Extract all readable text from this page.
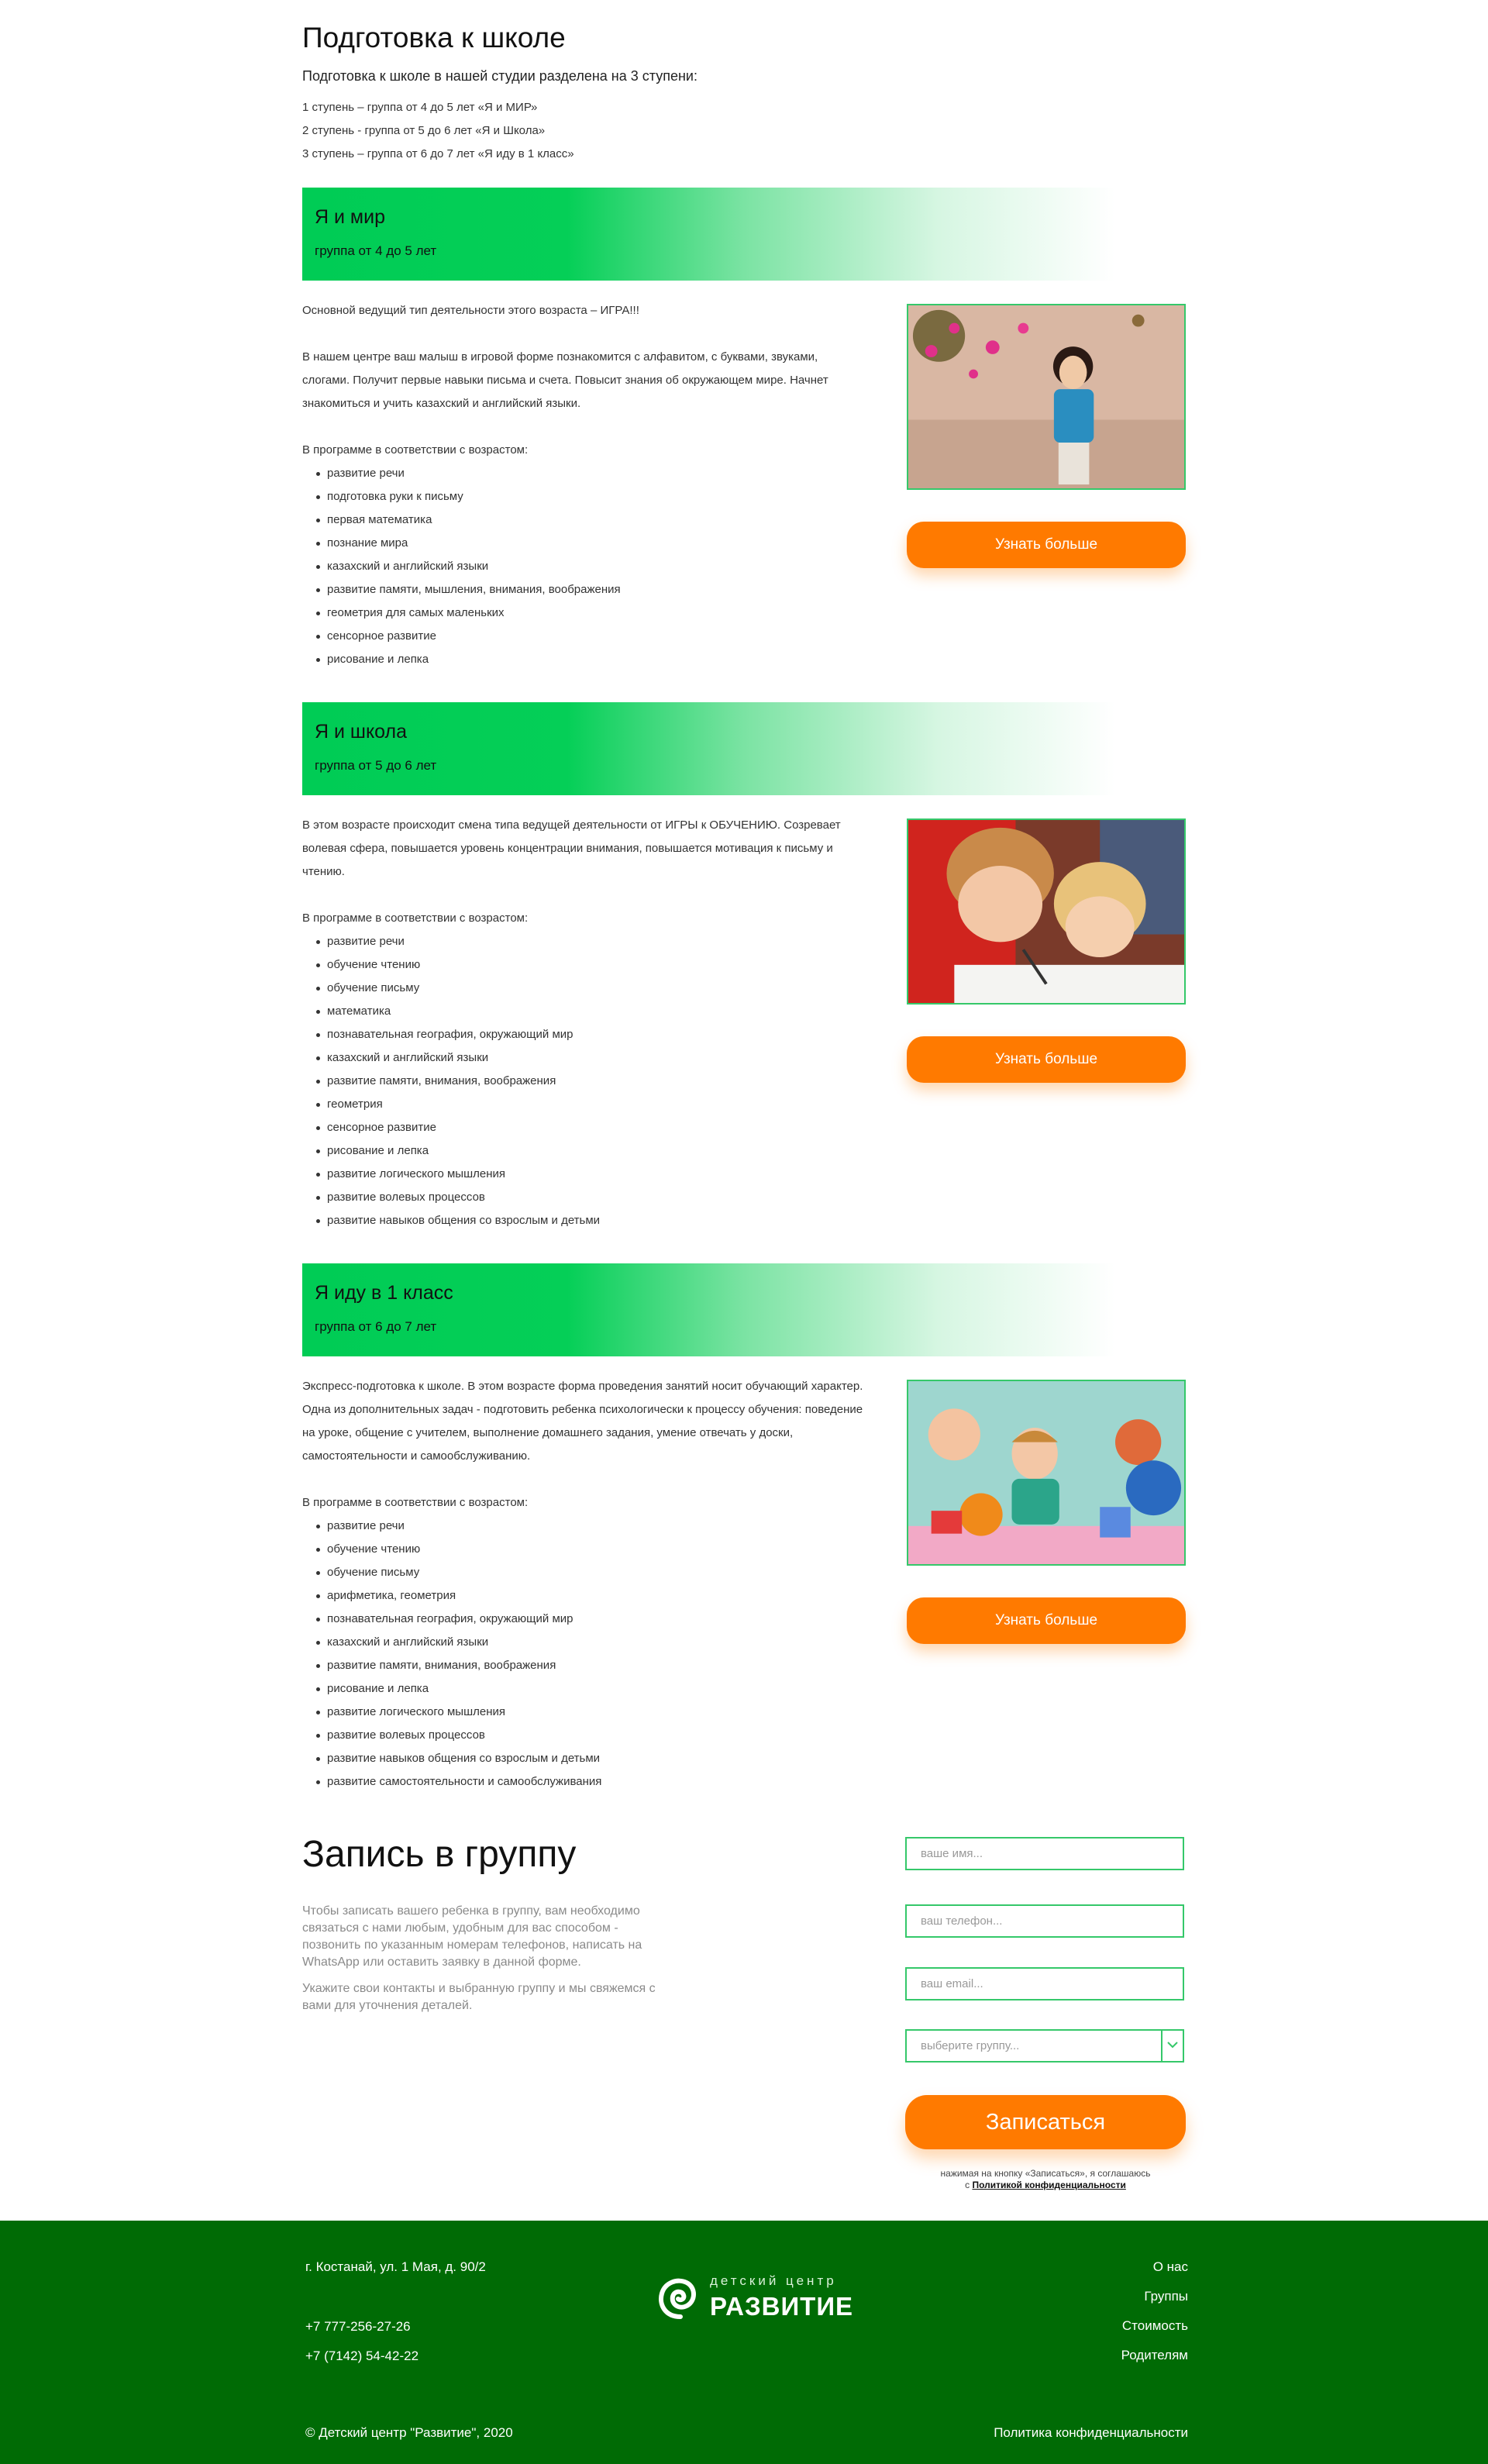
Подготовка к школе
Подготовка к школе в нашей студии разделена на 3 ступени:
1 ступень – группа от 4 до 5 лет «Я и МИР»
2 ступень - группа от 5 до 6 лет «Я и Школа»
3 ступень – группа от 6 до 7 лет «Я иду в 1 класс»
Я и мир
группа от 4 до 5 лет

Основной ведущий тип деятельности этого возраста – ИГРА!!!

В нашем центре ваш малыш в игровой форме познакомится с алфавитом, с буквами, звуками, слогами. Получит первые навыки письма и счета. Повысит знания об окружающем мире. Начнет знакомиться и учить казахский и английский языки.

В программе в соответствии с возрастом:

развитие речи
подготовка руки к письму
первая математика
познание мира
казахский и английский языки
развитие памяти, мышления, внимания, воображения
геометрия для самых маленьких
сенсорное развитие
рисование и лепка
Узнать больше
Я и школа
группа от 5 до 6 лет

В этом возрасте происходит смена типа ведущей деятельности от ИГРЫ к ОБУЧЕНИЮ. Созревает волевая сфера, повышается уровень концентрации внимания, повышается мотивация к письму и чтению.

В программе в соответствии с возрастом:

развитие речи
обучение чтению
обучение письму
математика
познавательная география, окружающий мир
казахский и английский языки
развитие памяти, внимания, воображения
геометрия
сенсорное развитие
рисование и лепка
развитие логического мышления
развитие волевых процессов
развитие навыков общения со взрослым и детьми
Узнать больше
Я иду в 1 класс
группа от 6 до 7 лет

Экспресс-подготовка к школе. В этом возрасте форма проведения занятий носит обучающий характер. Одна из дополнительных задач - подготовить ребенка психологически к процессу обучения: поведение на уроке, общение с учителем, выполнение домашнего задания, умение отвечать у доски, самостоятельности и самообслуживанию.

В программе в соответствии с возрастом:

развитие речи
обучение чтению
обучение письму
арифметика, геометрия
познавательная география, окружающий мир
казахский и английский языки
развитие памяти, внимания, воображения
рисование и лепка
развитие логического мышления
развитие волевых процессов
развитие навыков общения со взрослым и детьми
развитие самостоятельности и самообслуживания
Узнать больше
Запись в группу

Чтобы записать вашего ребенка в группу, вам необходимо связаться с нами любым, удобным для вас способом - позвонить по указанным номерам телефонов, написать на WhatsApp или оставить заявку в данной форме.

Укажите свои контакты и выбранную группу и мы свяжемся с вами для уточнения деталей.

ваше имя...
ваш телефон...
ваш email...
выберите группу...
Записаться
нажимая на кнопку «Записаться», я соглашаюсь
с Политикой конфиденциальности
г. Костанай, ул. 1 Мая, д. 90/2
+7 777-256-27-26
+7 (7142) 54-42-22
© Детский центр "Развитие", 2020
детский центр
РАЗВИТИЕ
О нас
Группы
Стоимость
Родителям
Политика конфиденциальности
